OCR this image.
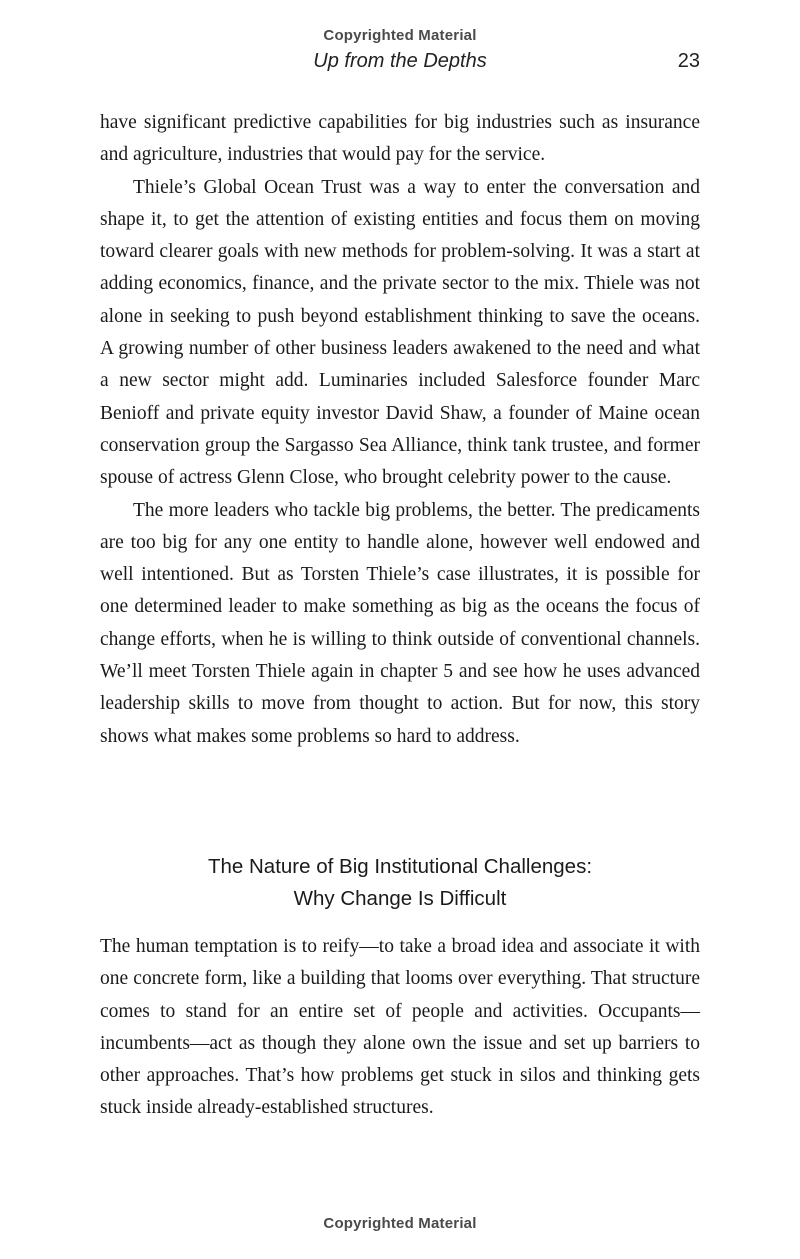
Copyrighted Material
Up from the Depths	23

have significant predictive capabilities for big industries such as insurance and agriculture, industries that would pay for the service.

Thiele’s Global Ocean Trust was a way to enter the conversation and shape it, to get the attention of existing entities and focus them on moving toward clearer goals with new methods for problem-solving. It was a start at adding economics, finance, and the private sector to the mix. Thiele was not alone in seeking to push beyond establishment thinking to save the oceans. A growing number of other business leaders awakened to the need and what a new sector might add. Luminaries included Salesforce founder Marc Benioff and private equity investor David Shaw, a founder of Maine ocean conservation group the Sargasso Sea Alliance, think tank trustee, and former spouse of actress Glenn Close, who brought celebrity power to the cause.

The more leaders who tackle big problems, the better. The predicaments are too big for any one entity to handle alone, however well endowed and well intentioned. But as Torsten Thiele’s case illustrates, it is possible for one determined leader to make something as big as the oceans the focus of change efforts, when he is willing to think outside of conventional channels. We’ll meet Torsten Thiele again in chapter 5 and see how he uses advanced leadership skills to move from thought to action. But for now, this story shows what makes some problems so hard to address.

The Nature of Big Institutional Challenges:
Why Change Is Difficult

The human temptation is to reify—to take a broad idea and associate it with one concrete form, like a building that looms over everything. That structure comes to stand for an entire set of people and activities. Occupants—incumbents—act as though they alone own the issue and set up barriers to other approaches. That’s how problems get stuck in silos and thinking gets stuck inside already-established structures.

Copyrighted Material
